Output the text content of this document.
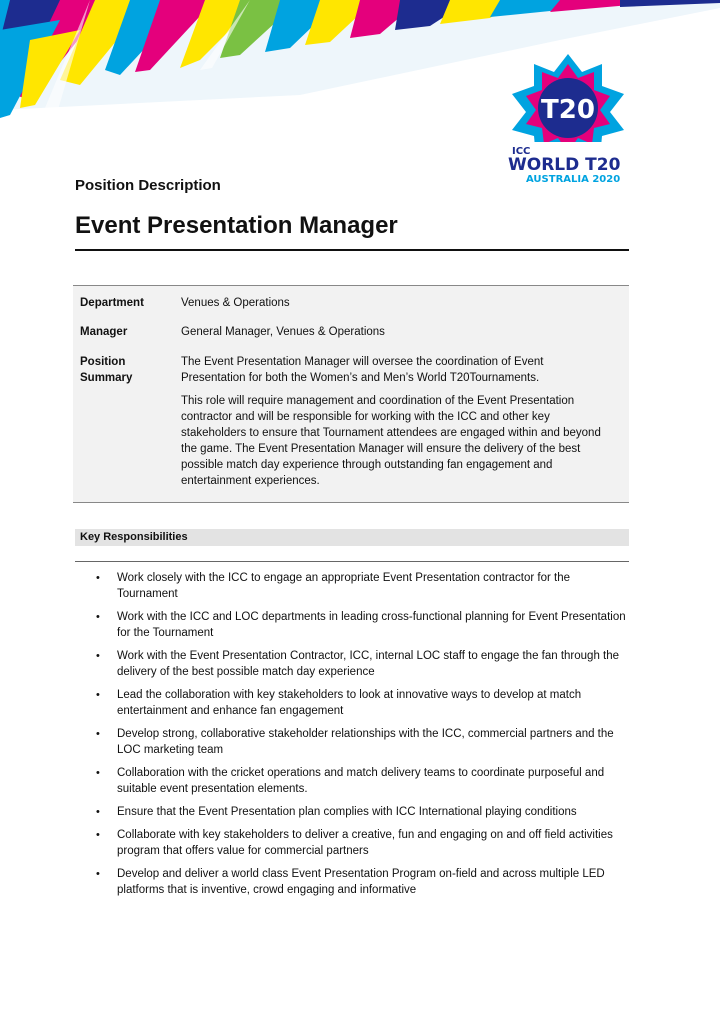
T20
ICC
WORLD T20
AUSTRALIA 2020
Position Description
Event Presentation Manager
Department	Venues & Operations
Manager	General Manager, Venues & Operations
Position
Summary
The Event Presentation Manager will oversee the coordination of Event Presentation for both the Women’s and Men’s World T20Tournaments.
This role will require management and coordination of the Event Presentation contractor and will be responsible for working with the ICC and other key stakeholders to ensure that Tournament attendees are engaged within and beyond the game. The Event Presentation Manager will ensure the delivery of the best possible match day experience through outstanding fan engagement and entertainment experiences.
Key Responsibilities
• Work closely with the ICC to engage an appropriate Event Presentation contractor for the Tournament
• Work with the ICC and LOC departments in leading cross-functional planning for Event Presentation for the Tournament
• Work with the Event Presentation Contractor, ICC, internal LOC staff to engage the fan through the delivery of the best possible match day experience
• Lead the collaboration with key stakeholders to look at innovative ways to develop at match entertainment and enhance fan engagement
• Develop strong, collaborative stakeholder relationships with the ICC, commercial partners and the LOC marketing team
• Collaboration with the cricket operations and match delivery teams to coordinate purposeful and suitable event presentation elements.
• Ensure that the Event Presentation plan complies with ICC International playing conditions
• Collaborate with key stakeholders to deliver a creative, fun and engaging on and off field activities program that offers value for commercial partners
• Develop and deliver a world class Event Presentation Program on-field and across multiple LED platforms that is inventive, crowd engaging and informative
